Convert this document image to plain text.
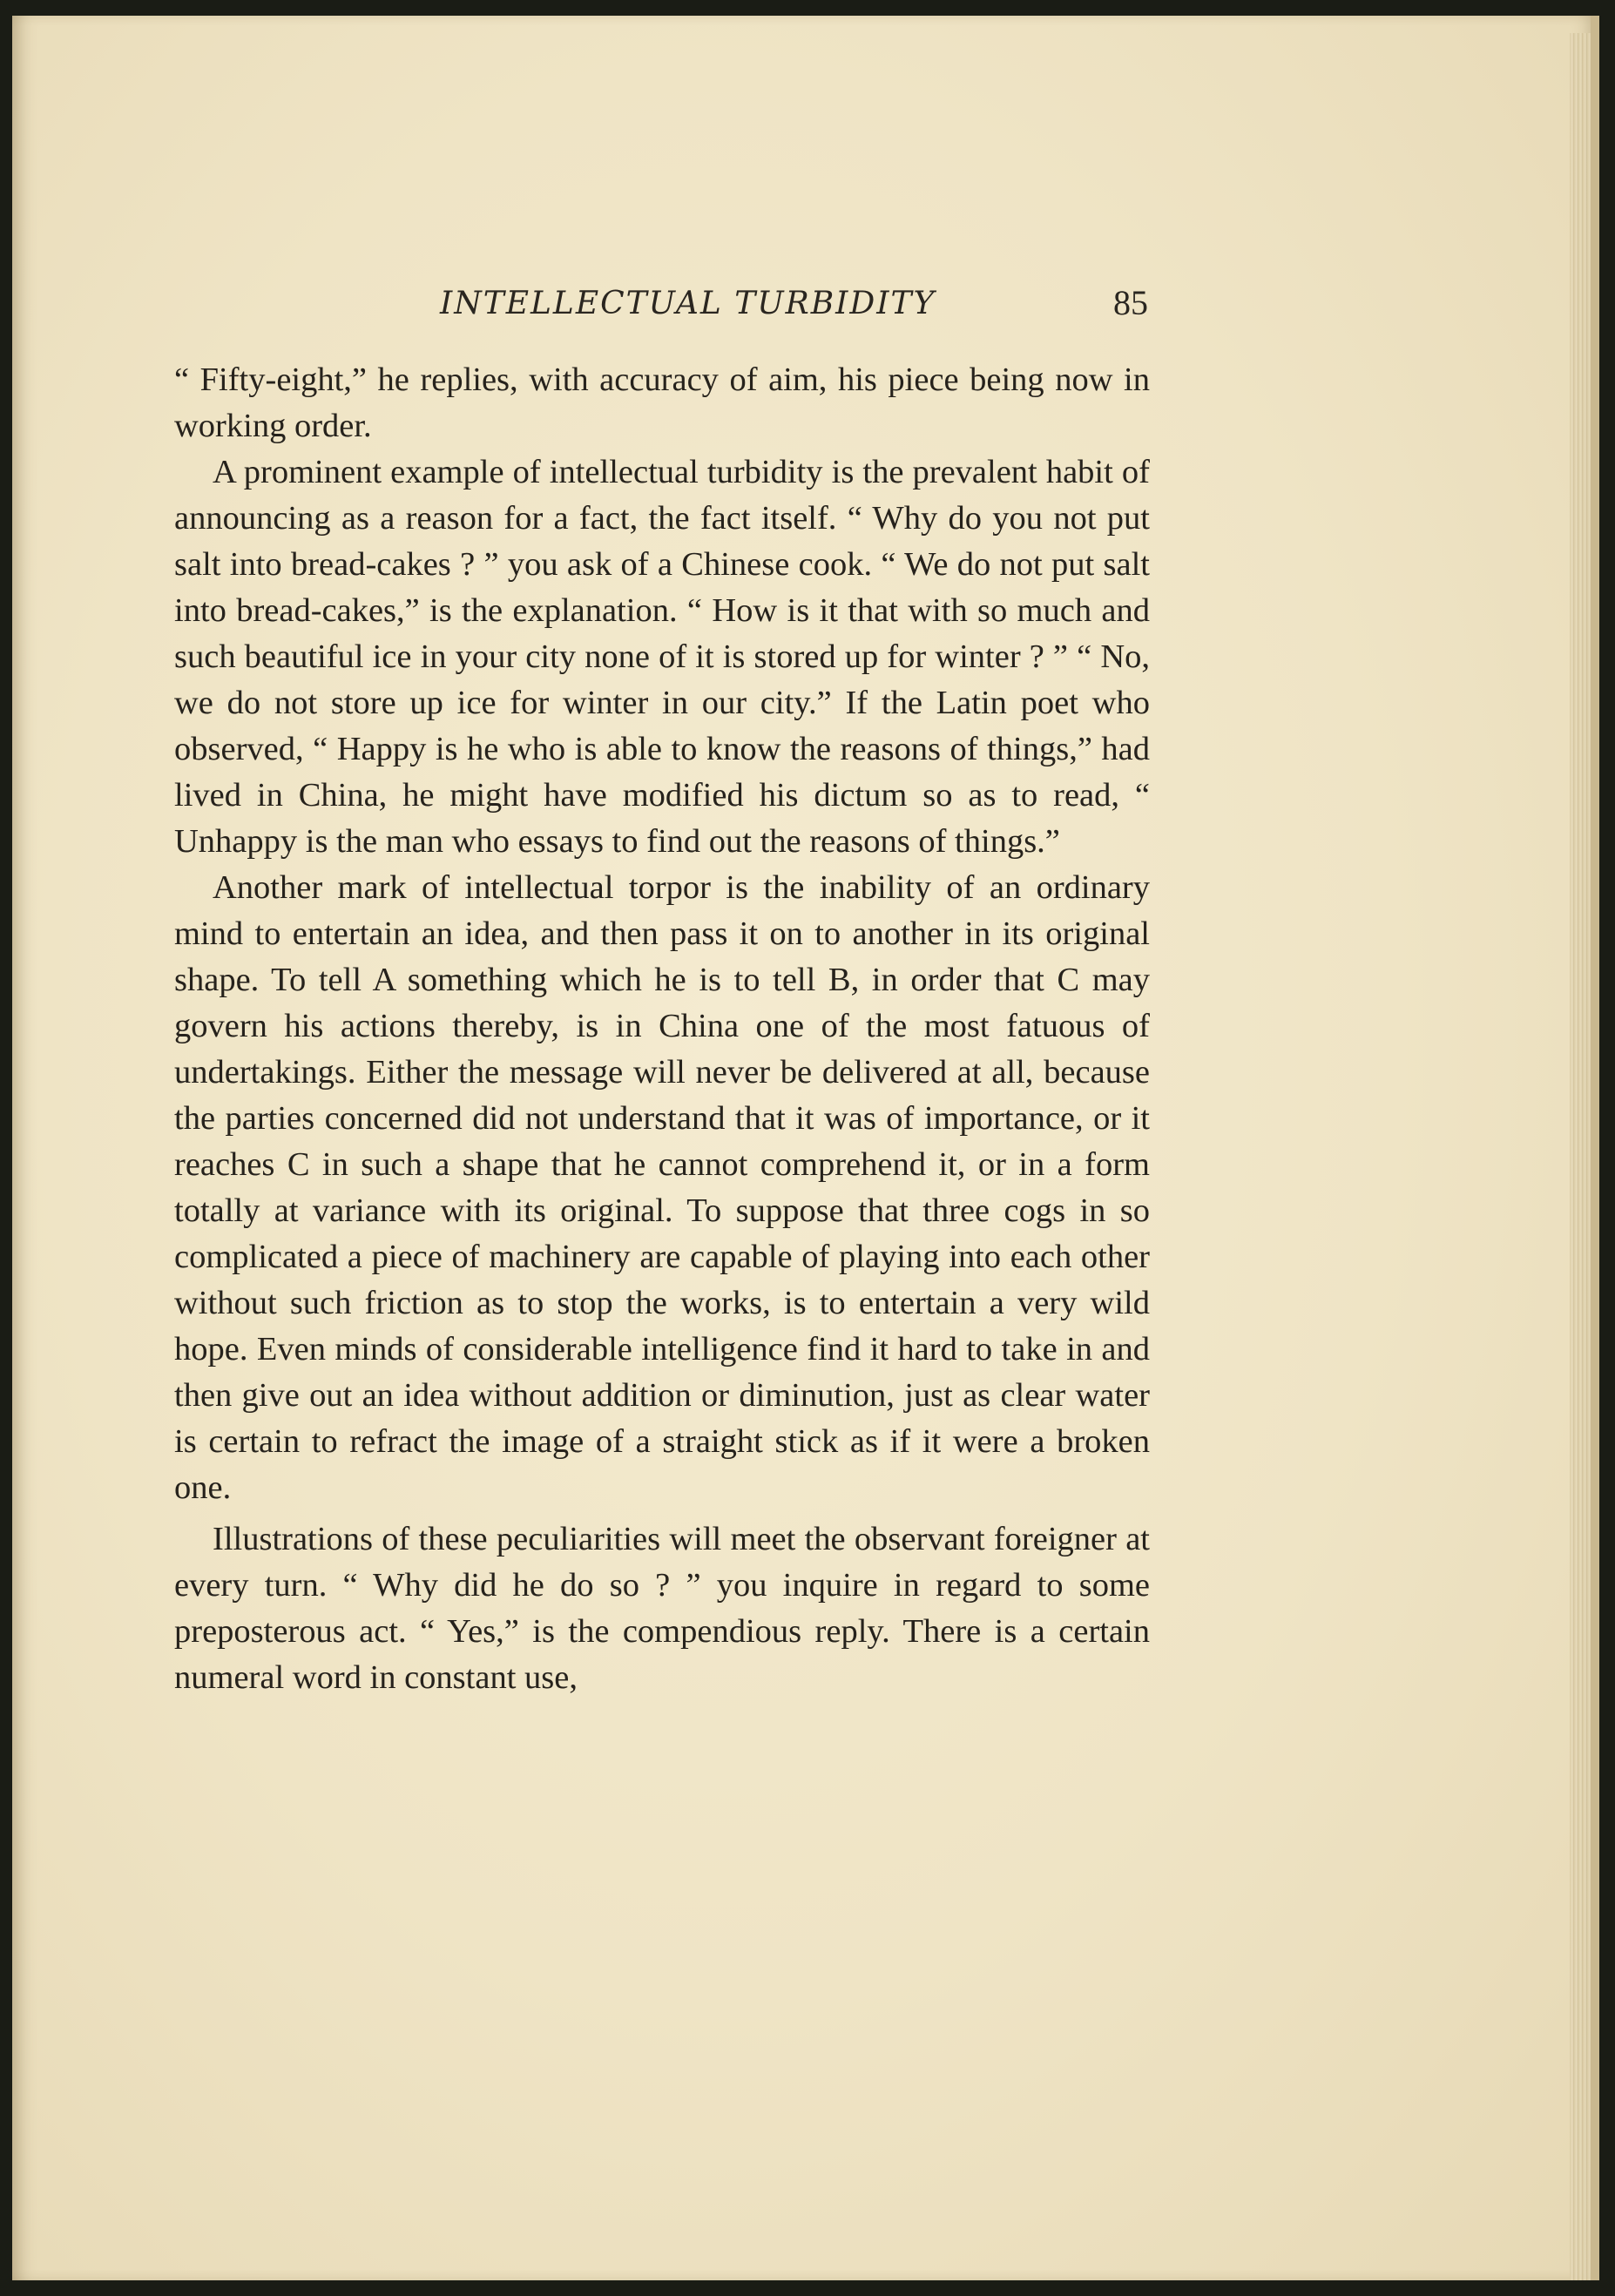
INTELLECTUAL TURBIDITY	85

“ Fifty-eight,” he replies, with accuracy of aim, his piece being now in working order.

A prominent example of intellectual turbidity is the prevalent habit of announcing as a reason for a fact, the fact itself. “ Why do you not put salt into bread-cakes ? ” you ask of a Chinese cook. “ We do not put salt into bread-cakes,” is the explanation. “ How is it that with so much and such beautiful ice in your city none of it is stored up for winter ? ” “ No, we do not store up ice for winter in our city.” If the Latin poet who observed, “ Happy is he who is able to know the reasons of things,” had lived in China, he might have modified his dictum so as to read, “ Unhappy is the man who essays to find out the reasons of things.”

Another mark of intellectual torpor is the inability of an ordinary mind to entertain an idea, and then pass it on to another in its original shape. To tell A something which he is to tell B, in order that C may govern his actions thereby, is in China one of the most fatuous of undertakings. Either the message will never be delivered at all, because the parties concerned did not understand that it was of importance, or it reaches C in such a shape that he cannot comprehend it, or in a form totally at variance with its original. To suppose that three cogs in so complicated a piece of machinery are capable of playing into each other without such friction as to stop the works, is to entertain a very wild hope. Even minds of considerable intelligence find it hard to take in and then give out an idea without addition or diminution, just as clear water is certain to refract the image of a straight stick as if it were a broken one.

Illustrations of these peculiarities will meet the observant foreigner at every turn. “ Why did he do so ? ” you inquire in regard to some preposterous act. “ Yes,” is the compendious reply. There is a certain numeral word in constant use,
